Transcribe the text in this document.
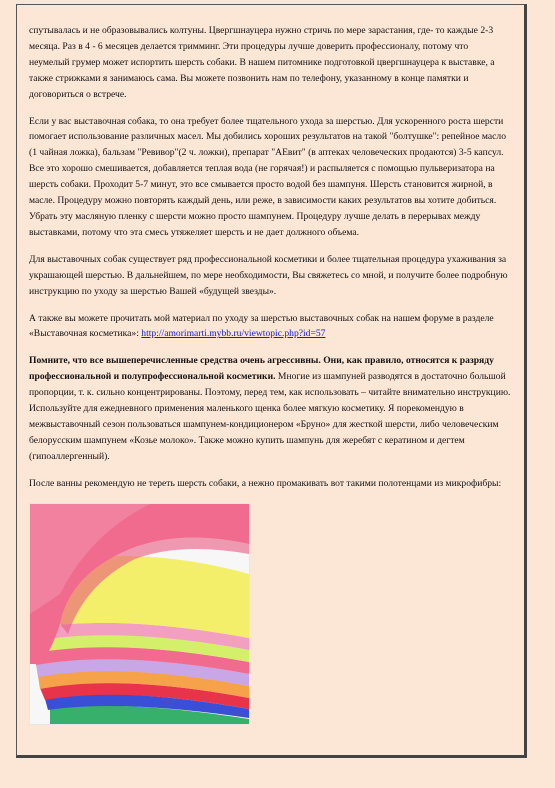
спутывалась и не образовывались колтуны. Цвергшнауцера нужно стричь по мере зарастания, где- то каждые 2-3 месяца. Раз в 4 - 6 месяцев делается тримминг. Эти процедуры лучше доверить профессионалу, потому что неумелый грумер может испортить шерсть собаки. В нашем питомнике подготовкой цвергшнауцера к выставке, а также стрижками я занимаюсь сама. Вы можете позвонить нам по телефону, указанному в конце памятки и договориться о встрече.

Если у вас выставочная собака, то она требует более тщательного ухода за шерстью. Для ускоренного роста шерсти помогает использование различных масел. Мы добились хороших результатов на такой "болтушке": репейное масло (1 чайная ложка), бальзам "Ревивор"(2 ч. ложки), препарат "АЕвит" (в аптеках человеческих продаются) 3-5 капсул. Все это хорошо смешивается, добавляется теплая вода (не горячая!) и распыляется с помощью пульверизатора на шерсть собаки. Проходит 5-7 минут, это все смывается просто водой без шампуня. Шерсть становится жирной, в масле. Процедуру можно повторять каждый день, или реже, в зависимости каких результатов вы хотите добиться. Убрать эту масляную пленку с шерсти можно просто шампунем. Процедуру лучше делать в перерывах между выставками, потому что эта смесь утяжеляет шерсть и не дает должного объема.

Для выставочных собак существует ряд профессиональной косметики и более тщательная процедура ухаживания за украшающей шерстью. В дальнейшем, по мере необходимости, Вы свяжетесь со мной, и получите более подробную инструкцию по уходу за шерстью Вашей «будущей звезды».

А также вы можете прочитать мой материал по уходу за шерстью выставочных собак на нашем форуме в разделе «Выставочная косметика»: http://amorimarti.mybb.ru/viewtopic.php?id=57

Помните, что все вышеперечисленные средства очень агрессивны. Они, как правило, относятся к разряду профессиональной и полупрофессиональной косметики. Многие из шампуней разводятся в достаточно большой пропорции, т. к. сильно концентрированы. Поэтому, перед тем, как использовать – читайте внимательно инструкцию. Используйте для ежедневного применения маленького щенка более мягкую косметику. Я порекомендую в межвыставочный сезон пользоваться шампунем-кондиционером «Бруно» для жесткой шерсти, либо человеческим белорусским шампунем «Козье молоко». Также можно купить шампунь для жеребят с кератином и дегтем (гипоаллергенный).

После ванны рекомендую не тереть шерсть собаки, а нежно промакивать вот такими полотенцами из микрофибры:
